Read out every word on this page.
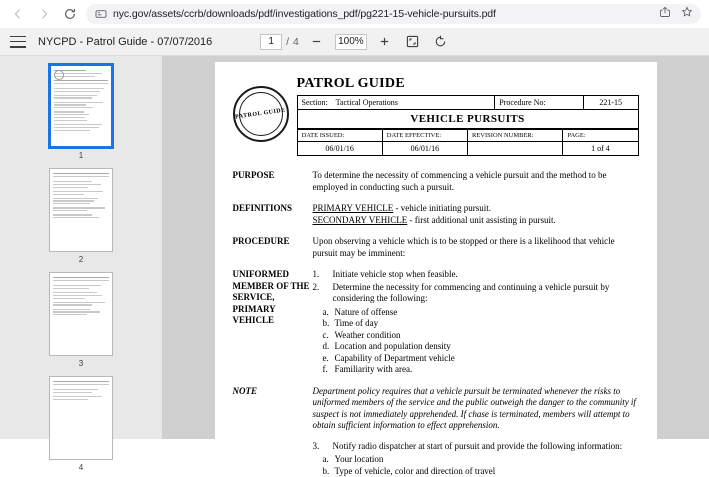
nyc.gov/assets/ccrb/downloads/pdf/investigations_pdf/pg221-15-vehicle-pursuits.pdf
NYCPD - Patrol Guide - 07/07/2016
1	/ 4	100%
1
2
3
4
PATROL GUIDE
PATROL GUIDE
Section: Tactical Operations	Procedure No:	221-15
VEHICLE PURSUITS
DATE ISSUED:	DATE EFFECTIVE:	REVISION NUMBER:	PAGE:
06/01/16	06/01/16		1 of 4
PURPOSE	To determine the necessity of commencing a vehicle pursuit and the method to be employed in conducting such a pursuit.
DEFINITIONS	PRIMARY VEHICLE - vehicle initiating pursuit.
SECONDARY VEHICLE - first additional unit assisting in pursuit.
PROCEDURE	Upon observing a vehicle which is to be stopped or there is a likelihood that vehicle pursuit may be imminent:
UNIFORMED MEMBER OF THE SERVICE, PRIMARY VEHICLE
1.	Initiate vehicle stop when feasible.
2.	Determine the necessity for commencing and continuing a vehicle pursuit by considering the following:
a. Nature of offense
b. Time of day
c. Weather condition
d. Location and population density
e. Capability of Department vehicle
f. Familiarity with area.
NOTE	Department policy requires that a vehicle pursuit be terminated whenever the risks to uniformed members of the service and the public outweigh the danger to the community if suspect is not immediately apprehended. If chase is terminated, members will attempt to obtain sufficient information to effect apprehension.
3.	Notify radio dispatcher at start of pursuit and provide the following information:
a. Your location
b. Type of vehicle, color and direction of travel
